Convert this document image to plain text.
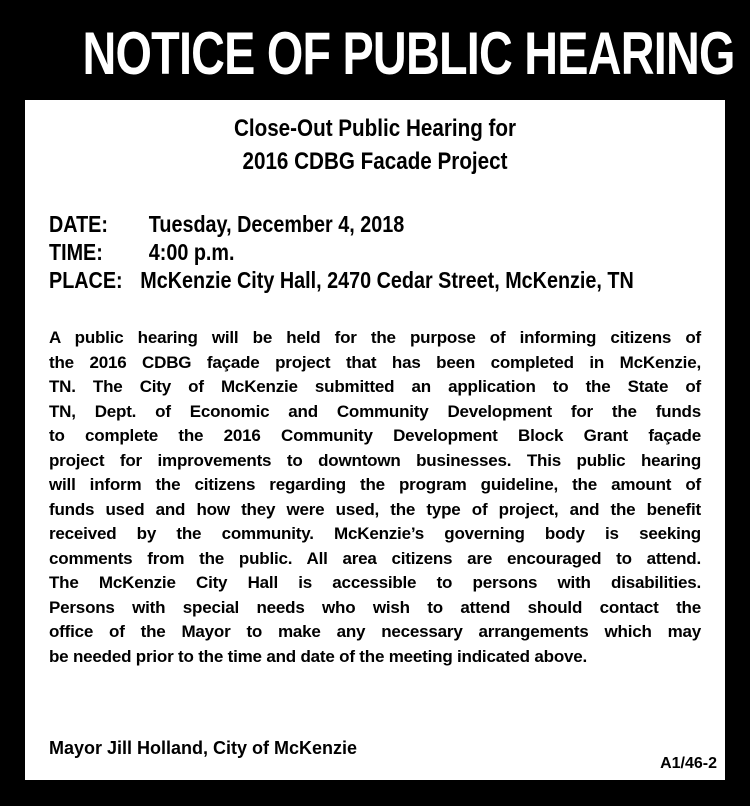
NOTICE OF PUBLIC HEARING
Close-Out Public Hearing for
2016 CDBG Facade Project
DATE:	Tuesday, December 4, 2018
TIME:	4:00 p.m.
PLACE: McKenzie City Hall, 2470 Cedar Street, McKenzie, TN
A public hearing will be held for the purpose of informing citizens of
the 2016 CDBG façade project that has been completed in McKenzie,
TN. The City of McKenzie submitted an application to the State of
TN, Dept. of Economic and Community Development for the funds
to complete the 2016 Community Development Block Grant façade
project for improvements to downtown businesses. This public hearing
will inform the citizens regarding the program guideline, the amount of
funds used and how they were used, the type of project, and the benefit
received by the community. McKenzie’s governing body is seeking
comments from the public. All area citizens are encouraged to attend.
The McKenzie City Hall is accessible to persons with disabilities.
Persons with special needs who wish to attend should contact the
office of the Mayor to make any necessary arrangements which may
be needed prior to the time and date of the meeting indicated above.
Mayor Jill Holland, City of McKenzie
A1/46-2
